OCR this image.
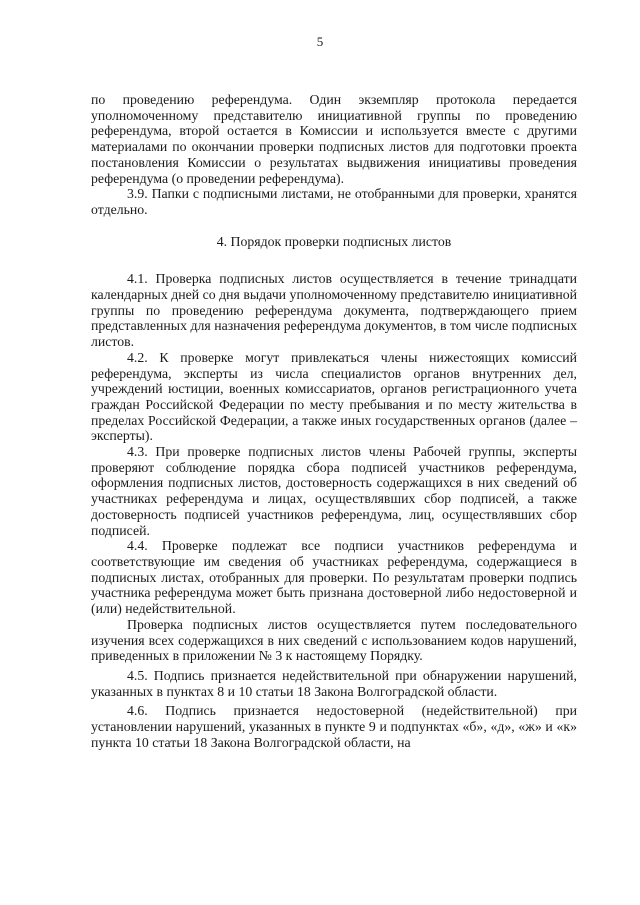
5

по проведению референдума. Один экземпляр протокола передается уполномоченному представителю инициативной группы по проведению референдума, второй остается в Комиссии и используется вместе с другими материалами по окончании проверки подписных листов для подготовки проекта постановления Комиссии о результатах выдвижения инициативы проведения референдума (о проведении референдума).

3.9. Папки с подписными листами, не отобранными для проверки, хранятся отдельно.

4. Порядок проверки подписных листов

4.1. Проверка подписных листов осуществляется в течение тринадцати календарных дней со дня выдачи уполномоченному представителю инициативной группы по проведению референдума документа, подтверждающего прием представленных для назначения референдума документов, в том числе подписных листов.

4.2. К проверке могут привлекаться члены нижестоящих комиссий референдума, эксперты из числа специалистов органов внутренних дел, учреждений юстиции, военных комиссариатов, органов регистрационного учета граждан Российской Федерации по месту пребывания и по месту жительства в пределах Российской Федерации, а также иных государственных органов (далее – эксперты).

4.3. При проверке подписных листов члены Рабочей группы, эксперты проверяют соблюдение порядка сбора подписей участников референдума, оформления подписных листов, достоверность содержащихся в них сведений об участниках референдума и лицах, осуществлявших сбор подписей, а также достоверность подписей участников референдума, лиц, осуществлявших сбор подписей.

4.4. Проверке подлежат все подписи участников референдума и соответствующие им сведения об участниках референдума, содержащиеся в подписных листах, отобранных для проверки. По результатам проверки подпись участника референдума может быть признана достоверной либо недостоверной и (или) недействительной.

Проверка подписных листов осуществляется путем последовательного изучения всех содержащихся в них сведений с использованием кодов нарушений, приведенных в приложении № 3 к настоящему Порядку.

4.5. Подпись признается недействительной при обнаружении нарушений, указанных в пунктах 8 и 10 статьи 18 Закона Волгоградской области.

4.6. Подпись признается недостоверной (недействительной) при установлении нарушений, указанных в пункте 9 и подпунктах «б», «д», «ж» и «к» пункта 10 статьи 18 Закона Волгоградской области, на
